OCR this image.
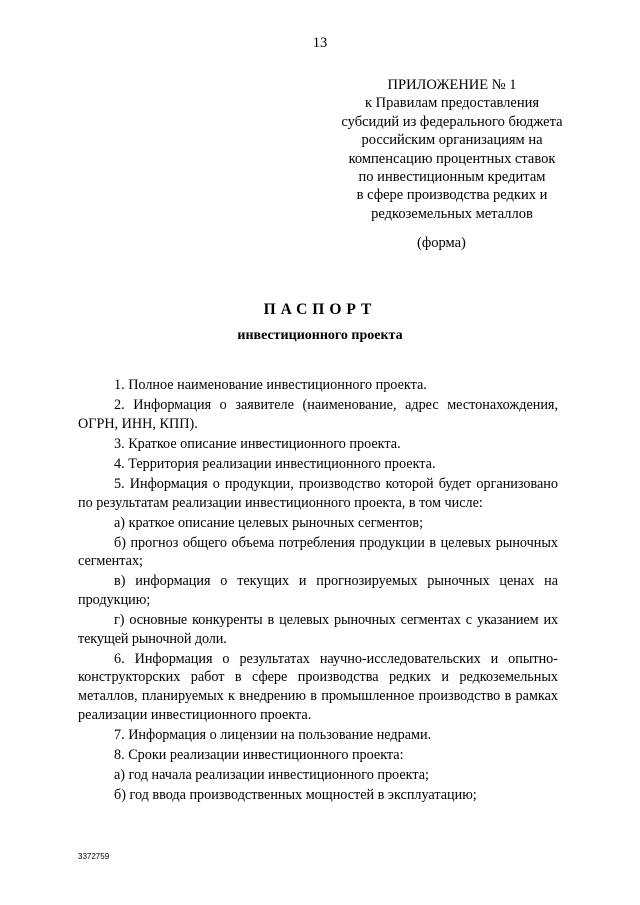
13
ПРИЛОЖЕНИЕ № 1
к Правилам предоставления
субсидий из федерального бюджета
российским организациям на
компенсацию процентных ставок
по инвестиционным кредитам
в сфере производства редких и
редкоземельных металлов
(форма)
ПАСПОРТ
инвестиционного проекта
1. Полное наименование инвестиционного проекта.
2. Информация о заявителе (наименование, адрес местонахождения, ОГРН, ИНН, КПП).
3. Краткое описание инвестиционного проекта.
4. Территория реализации инвестиционного проекта.
5. Информация о продукции, производство которой будет организовано по результатам реализации инвестиционного проекта, в том числе:
а) краткое описание целевых рыночных сегментов;
б) прогноз общего объема потребления продукции в целевых рыночных сегментах;
в) информация о текущих и прогнозируемых рыночных ценах на продукцию;
г) основные конкуренты в целевых рыночных сегментах с указанием их текущей рыночной доли.
6. Информация о результатах научно-исследовательских и опытно-конструкторских работ в сфере производства редких и редкоземельных металлов, планируемых к внедрению в промышленное производство в рамках реализации инвестиционного проекта.
7. Информация о лицензии на пользование недрами.
8. Сроки реализации инвестиционного проекта:
а) год начала реализации инвестиционного проекта;
б) год ввода производственных мощностей в эксплуатацию;
3372759
